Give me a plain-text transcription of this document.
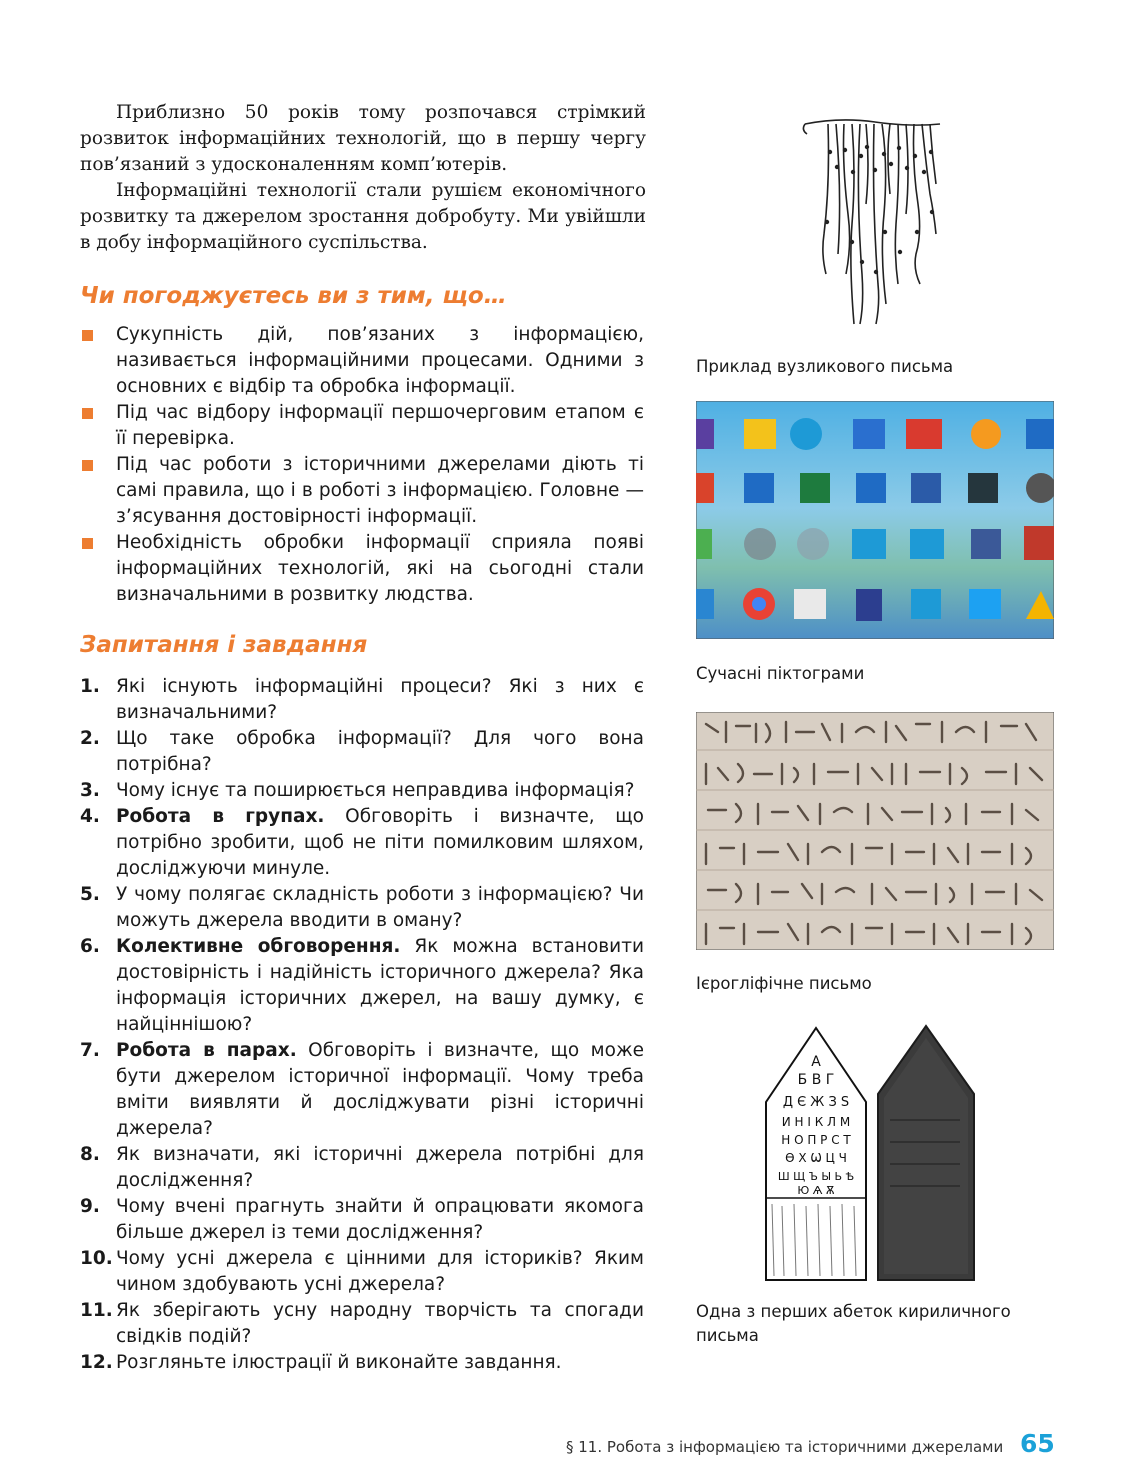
Приблизно 50 років тому розпочався стрімкий розвиток інформаційних технологій, що в першу чергу пов’язаний з удосконаленням комп’ютерів.

Інформаційні технології стали рушієм економічного розвитку та джерелом зростання добробуту. Ми увійшли в добу інформаційного суспільства.

Чи погоджуєтесь ви з тим, що…
Сукупність дій, пов’язаних з інформацією, називається інформаційними процесами. Одними з основних є відбір та обробка інформації.
Під час відбору інформації першочерговим етапом є її перевірка.
Під час роботи з історичними джерелами діють ті самі правила, що і в роботі з інформацією. Головне — з’ясування достовірності інформації.
Необхідність обробки інформації сприяла появі інформаційних технологій, які на сьогодні стали визначальними в розвитку людства.
Запитання і завдання
1. Які існують інформаційні процеси? Які з них є визначальними?
2. Що таке обробка інформації? Для чого вона потрібна?
3. Чому існує та поширюється неправдива інформація?
4. Робота в групах. Обговоріть і визначте, що потрібно зробити, щоб не піти помилковим шляхом, досліджуючи минуле.
5. У чому полягає складність роботи з інформацією? Чи можуть джерела вводити в оману?
6. Колективне обговорення. Як можна встановити достовірність і надійність історичного джерела? Яка інформація історичних джерел, на вашу думку, є найціннішою?
7. Робота в парах. Обговоріть і визначте, що може бути джерелом історичної інформації. Чому треба вміти виявляти й досліджувати різні історичні джерела?
8. Як визначати, які історичні джерела потрібні для дослідження?
9. Чому вчені прагнуть знайти й опрацювати якомога більше джерел із теми дослідження?
10. Чому усні джерела є цінними для істориків? Яким чином здобувають усні джерела?
11. Як зберігають усну народну творчість та спогади свідків подій?
12. Розгляньте ілюстрації й виконайте завдання.
Приклад вузликового письма
Сучасні піктограми
Ієрогліфічне письмо
А
Б В Г
Д Є Ж З Ѕ
И Н І К Л М
Н О П Р С Т
Ѳ Х Ѡ Ц Ч
Ш Щ Ъ Ы Ь Ѣ
Ю Ѧ Ѫ
Одна з перших абеток кириличного письма
§ 11. Робота з інформацією та історичними джерелами 65
